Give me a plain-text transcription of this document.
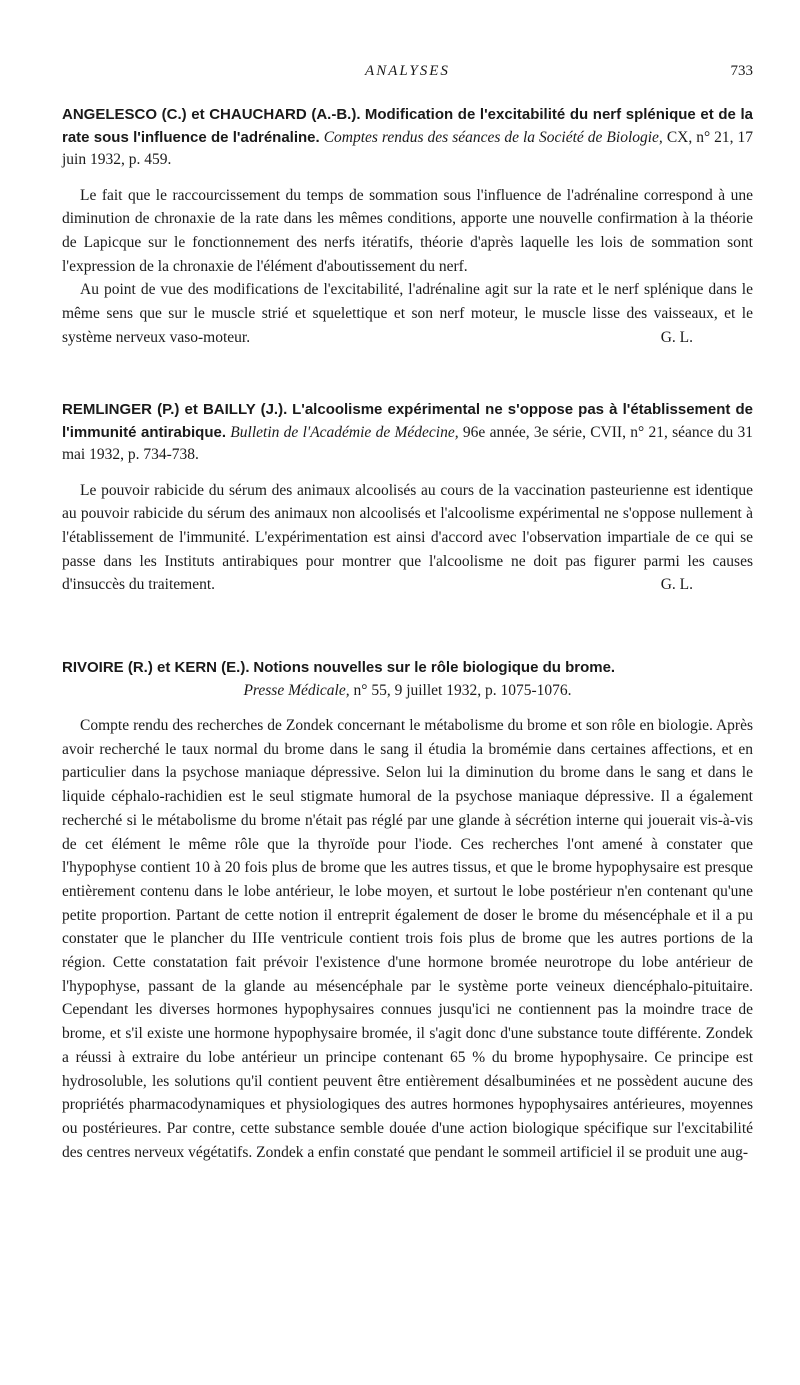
ANALYSES	733

ANGELESCO (C.) et CHAUCHARD (A.-B.). Modification de l'excitabilité du nerf splénique et de la rate sous l'influence de l'adrénaline. Comptes rendus des séances de la Société de Biologie, CX, n° 21, 17 juin 1932, p. 459.

Le fait que le raccourcissement du temps de sommation sous l'influence de l'adrénaline correspond à une diminution de chronaxie de la rate dans les mêmes conditions, apporte une nouvelle confirmation à la théorie de Lapicque sur le fonctionnement des nerfs itératifs, théorie d'après laquelle les lois de sommation sont l'expression de la chronaxie de l'élément d'aboutissement du nerf.

Au point de vue des modifications de l'excitabilité, l'adrénaline agit sur la rate et le nerf splénique dans le même sens que sur le muscle strié et squelettique et son nerf moteur, le muscle lisse des vaisseaux, et le système nerveux vaso-moteur.	G. L.

REMLINGER (P.) et BAILLY (J.). L'alcoolisme expérimental ne s'oppose pas à l'établissement de l'immunité antirabique. Bulletin de l'Académie de Médecine, 96e année, 3e série, CVII, n° 21, séance du 31 mai 1932, p. 734-738.

Le pouvoir rabicide du sérum des animaux alcoolisés au cours de la vaccination pasteurienne est identique au pouvoir rabicide du sérum des animaux non alcoolisés et l'alcoolisme expérimental ne s'oppose nullement à l'établissement de l'immunité. L'expérimentation est ainsi d'accord avec l'observation impartiale de ce qui se passe dans les Instituts antirabiques pour montrer que l'alcoolisme ne doit pas figurer parmi les causes d'insuccès du traitement.	G. L.

RIVOIRE (R.) et KERN (E.). Notions nouvelles sur le rôle biologique du brome.
Presse Médicale, n° 55, 9 juillet 1932, p. 1075-1076.

Compte rendu des recherches de Zondek concernant le métabolisme du brome et son rôle en biologie. Après avoir recherché le taux normal du brome dans le sang il étudia la bromémie dans certaines affections, et en particulier dans la psychose maniaque dépressive. Selon lui la diminution du brome dans le sang et dans le liquide céphalo-rachidien est le seul stigmate humoral de la psychose maniaque dépressive. Il a également recherché si le métabolisme du brome n'était pas réglé par une glande à sécrétion interne qui jouerait vis-à-vis de cet élément le même rôle que la thyroïde pour l'iode. Ces recherches l'ont amené à constater que l'hypophyse contient 10 à 20 fois plus de brome que les autres tissus, et que le brome hypophysaire est presque entièrement contenu dans le lobe antérieur, le lobe moyen, et surtout le lobe postérieur n'en contenant qu'une petite proportion. Partant de cette notion il entreprit également de doser le brome du mésencéphale et il a pu constater que le plancher du IIIe ventricule contient trois fois plus de brome que les autres portions de la région. Cette constatation fait prévoir l'existence d'une hormone bromée neurotrope du lobe antérieur de l'hypophyse, passant de la glande au mésencéphale par le système porte veineux diencéphalo-pituitaire. Cependant les diverses hormones hypophysaires connues jusqu'ici ne contiennent pas la moindre trace de brome, et s'il existe une hormone hypophysaire bromée, il s'agit donc d'une substance toute différente. Zondek a réussi à extraire du lobe antérieur un principe contenant 65 % du brome hypophysaire. Ce principe est hydrosoluble, les solutions qu'il contient peuvent être entièrement désalbuminées et ne possèdent aucune des propriétés pharmacodynamiques et physiologiques des autres hormones hypophysaires antérieures, moyennes ou postérieures. Par contre, cette substance semble douée d'une action biologique spécifique sur l'excitabilité des centres nerveux végétatifs. Zondek a enfin constaté que pendant le sommeil artificiel il se produit une aug-
